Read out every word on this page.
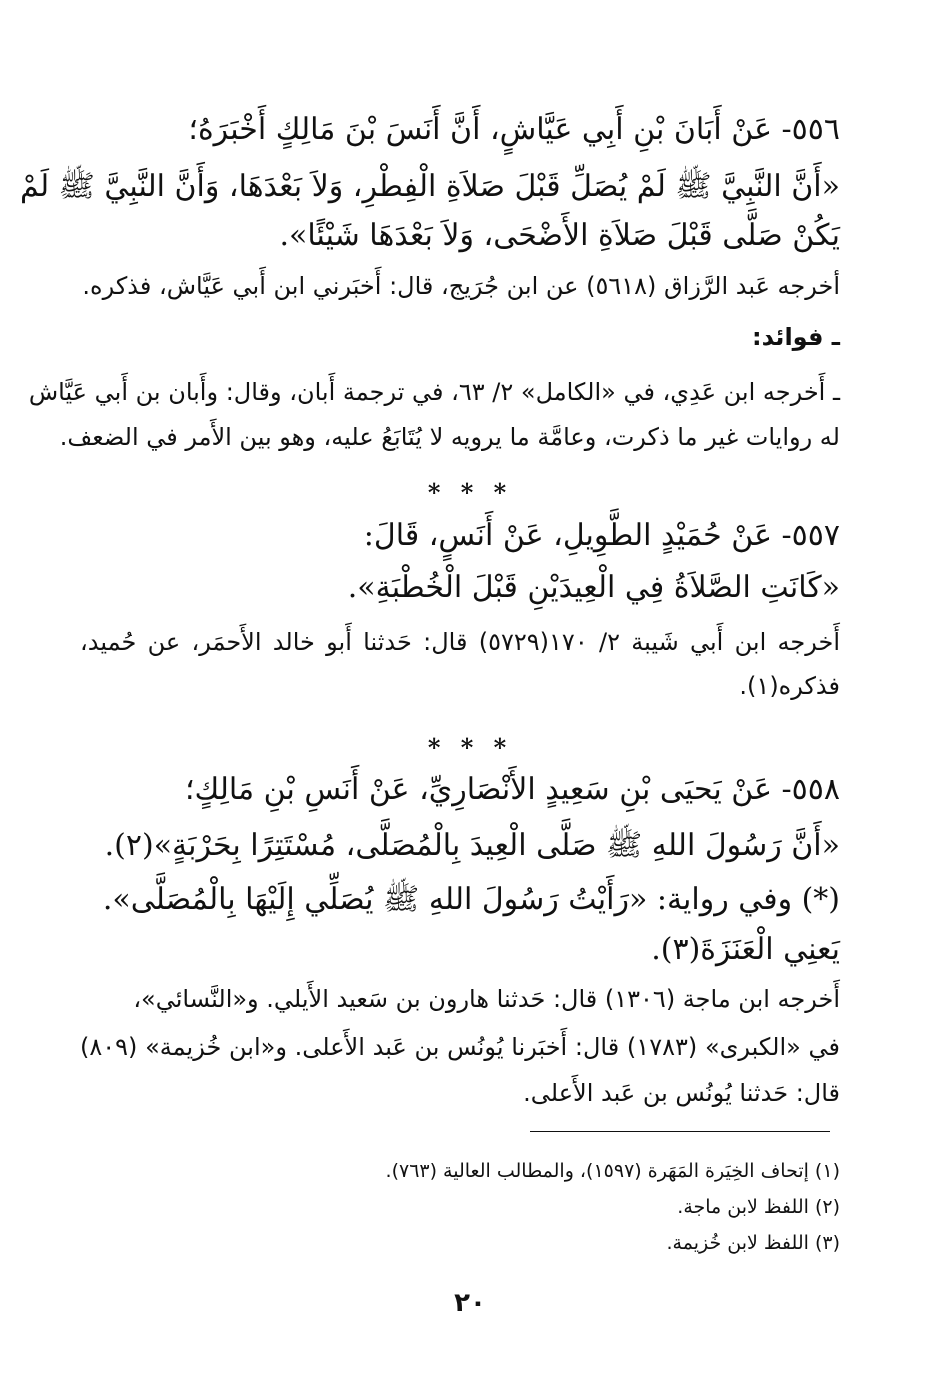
٥٥٦- عَنْ أَبَانَ بْنِ أَبِي عَيَّاشٍ، أَنَّ أَنَسَ بْنَ مَالِكٍ أَخْبَرَهُ؛
«أَنَّ النَّبِيَّ ﷺ لَمْ يُصَلِّ قَبْلَ صَلاَةِ الْفِطْرِ، وَلاَ بَعْدَهَا، وَأَنَّ النَّبِيَّ ﷺ لَمْ
يَكُنْ صَلَّى قَبْلَ صَلاَةِ الأَضْحَى، وَلاَ بَعْدَهَا شَيْئًا».
أخرجه عَبد الرَّزاق (٥٦١٨) عن ابن جُرَيج، قال: أَخبَرني ابن أَبي عَيَّاش، فذكره.
ـ فوائد:
ـ أَخرجه ابن عَدِي، في «الكامل» ٢/ ٦٣، في ترجمة أَبان، وقال: وأَبان بن أَبي عَيَّاش
له روايات غير ما ذكرت، وعامَّة ما يرويه لا يُتَابَعُ عليه، وهو بين الأَمر في الضعف.
* * *
٥٥٧- عَنْ حُمَيْدٍ الطَّوِيلِ، عَنْ أَنَسٍ، قَالَ:
«كَانَتِ الصَّلاَةُ فِي الْعِيدَيْنِ قَبْلَ الْخُطْبَةِ».
أَخرجه ابن أَبي شَيبة ٢/ ١٧٠(٥٧٢٩) قال: حَدثنا أَبو خالد الأَحمَر، عن حُميد،
فذكره(١).
* * *
٥٥٨- عَنْ يَحيَى بْنِ سَعِيدٍ الأَنْصَارِيِّ، عَنْ أَنَسِ بْنِ مَالِكٍ؛
«أَنَّ رَسُولَ اللهِ ﷺ صَلَّى الْعِيدَ بِالْمُصَلَّى، مُسْتَتِرًا بِحَرْبَةٍ»(٢).
(*) وفي رواية: «رَأَيْتُ رَسُولَ اللهِ ﷺ يُصَلِّي إِلَيْهَا بِالْمُصَلَّى».
يَعنِي الْعَنَزَةَ(٣).
أَخرجه ابن ماجة (١٣٠٦) قال: حَدثنا هارون بن سَعيد الأَيلي. و«النَّسائي»،
في «الكبرى» (١٧٨٣) قال: أَخبَرنا يُونُس بن عَبد الأَعلى. و«ابن خُزيمة» (٨٠٩)
قال: حَدثنا يُونُس بن عَبد الأَعلى.
(١) إتحاف الخِيَرة المَهَرة (١٥٩٧)، والمطالب العالية (٧٦٣).
(٢) اللفظ لابن ماجة.
(٣) اللفظ لابن خُزيمة.
٢٠
